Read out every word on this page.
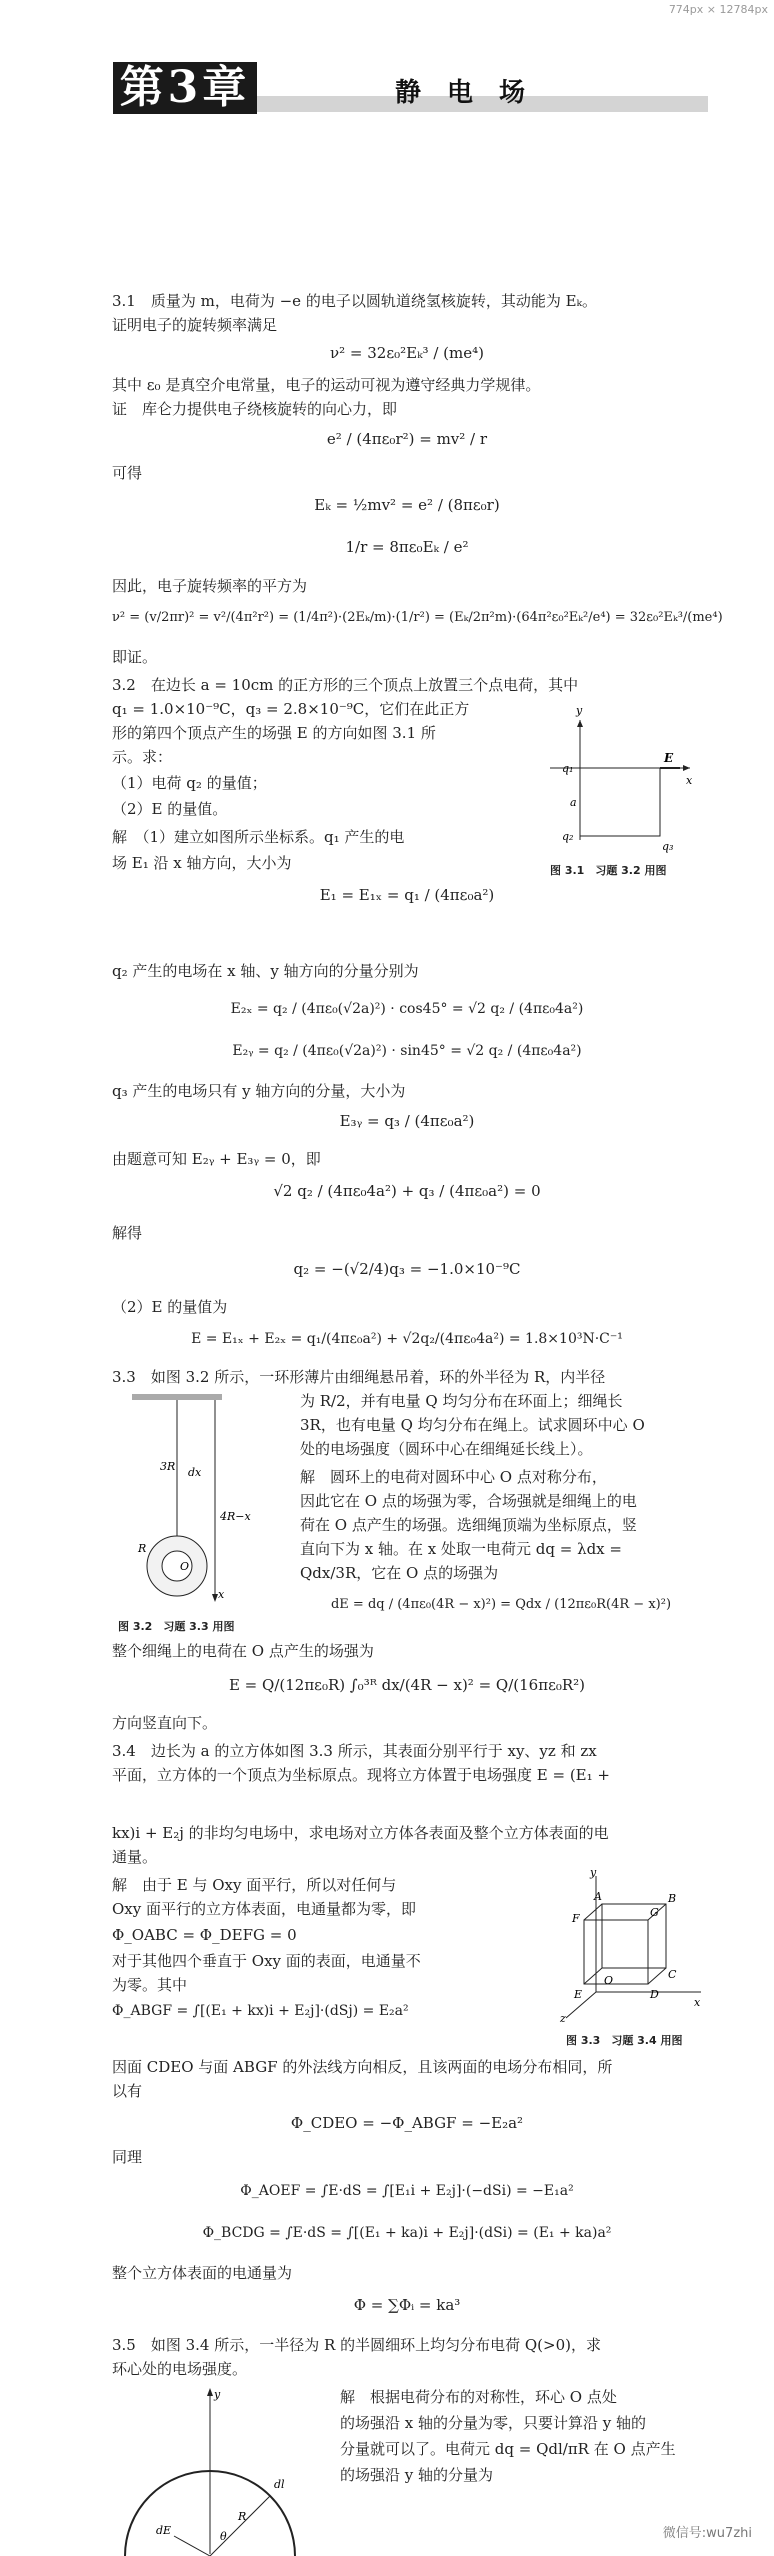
774px × 12784px
第3章	静电场
3.1　质量为 m，电荷为 −e 的电子以圆轨道绕氢核旋转，其动能为 Eₖ。
证明电子的旋转频率满足
ν² = 32ε₀²Eₖ³ / (me⁴)
其中 ε₀ 是真空介电常量，电子的运动可视为遵守经典力学规律。
证　库仑力提供电子绕核旋转的向心力，即
e² / (4πε₀r²) = mv² / r
可得
Eₖ = ½mv² = e² / (8πε₀r)
1/r = 8πε₀Eₖ / e²
因此，电子旋转频率的平方为
ν² = (v/2πr)² = v²/(4π²r²) = (1/4π²)·(2Eₖ/m)·(1/r²) = (Eₖ/2π²m)·(64π²ε₀²Eₖ²/e⁴) = 32ε₀²Eₖ³/(me⁴)
即证。
3.2　在边长 a = 10cm 的正方形的三个顶点上放置三个点电荷，其中
q₁ = 1.0×10⁻⁹C，q₃ = 2.8×10⁻⁹C，它们在此正方
形的第四个顶点产生的场强 E 的方向如图 3.1 所
示。求：
（1）电荷 q₂ 的量值；
（2）E 的量值。
解　（1）建立如图所示坐标系。q₁ 产生的电
场 E₁ 沿 x 轴方向，大小为
y
x
q₁
q₂
q₃
a
E
图 3.1　习题 3.2 用图
E₁ = E₁ₓ = q₁ / (4πε₀a²)
q₂ 产生的电场在 x 轴、y 轴方向的分量分别为
E₂ₓ = q₂ / (4πε₀(√2a)²) · cos45° = √2 q₂ / (4πε₀4a²)
E₂ᵧ = q₂ / (4πε₀(√2a)²) · sin45° = √2 q₂ / (4πε₀4a²)
q₃ 产生的电场只有 y 轴方向的分量，大小为
E₃ᵧ = q₃ / (4πε₀a²)
由题意可知 E₂ᵧ + E₃ᵧ = 0，即
√2 q₂ / (4πε₀4a²) + q₃ / (4πε₀a²) = 0
解得
q₂ = −(√2/4)q₃ = −1.0×10⁻⁹C
（2）E 的量值为
E = E₁ₓ + E₂ₓ = q₁/(4πε₀a²) + √2q₂/(4πε₀4a²) = 1.8×10³N·C⁻¹
3.3　如图 3.2 所示，一环形薄片由细绳悬吊着，环的外半径为 R，内半径
3R dx
x
4R−x
R
O
图 3.2　习题 3.3 用图
为 R/2，并有电量 Q 均匀分布在环面上；细绳长
3R，也有电量 Q 均匀分布在绳上。试求圆环中心 O
处的电场强度（圆环中心在细绳延长线上）。
解　圆环上的电荷对圆环中心 O 点对称分布，
因此它在 O 点的场强为零，合场强就是细绳上的电
荷在 O 点产生的场强。选细绳顶端为坐标原点，竖
直向下为 x 轴。在 x 处取一电荷元 dq = λdx =
Qdx/3R，它在 O 点的场强为
dE = dq / (4πε₀(4R − x)²) = Qdx / (12πε₀R(4R − x)²)
整个细绳上的电荷在 O 点产生的场强为
E = Q/(12πε₀R) ∫₀³ᴿ dx/(4R − x)² = Q/(16πε₀R²)
方向竖直向下。
3.4　边长为 a 的立方体如图 3.3 所示，其表面分别平行于 xy、yz 和 zx
平面，立方体的一个顶点为坐标原点。现将立方体置于电场强度 E = (E₁ +
kx)i + E₂j 的非均匀电场中，求电场对立方体各表面及整个立方体表面的电
通量。
解　由于 E 与 Oxy 面平行，所以对任何与
Oxy 面平行的立方体表面，电通量都为零，即
Φ_OABC = Φ_DEFG = 0
对于其他四个垂直于 Oxy 面的表面，电通量不
为零。其中
Φ_ABGF = ∫[(E₁ + kx)i + E₂j]·(dSj) = E₂a²
y
x
z
A	B
C
D
E
F	G
O
图 3.3　习题 3.4 用图
因面 CDEO 与面 ABGF 的外法线方向相反，且该两面的电场分布相同，所
以有
Φ_CDEO = −Φ_ABGF = −E₂a²
同理
Φ_AOEF = ∫E·dS = ∫[E₁i + E₂j]·(−dSi) = −E₁a²
Φ_BCDG = ∫E·dS = ∫[(E₁ + ka)i + E₂j]·(dSi) = (E₁ + ka)a²
整个立方体表面的电通量为
Φ = ∑Φᵢ = ka³
3.5　如图 3.4 所示，一半径为 R 的半圆细环上均匀分布电荷 Q(>0)，求
环心处的电场强度。
y
dl
dE	θ
R
解　根据电荷分布的对称性，环心 O 点处
的场强沿 x 轴的分量为零，只要计算沿 y 轴的
分量就可以了。电荷元 dq = Qdl/πR 在 O 点产生
的场强沿 y 轴的分量为
微信号:wu7zhi
